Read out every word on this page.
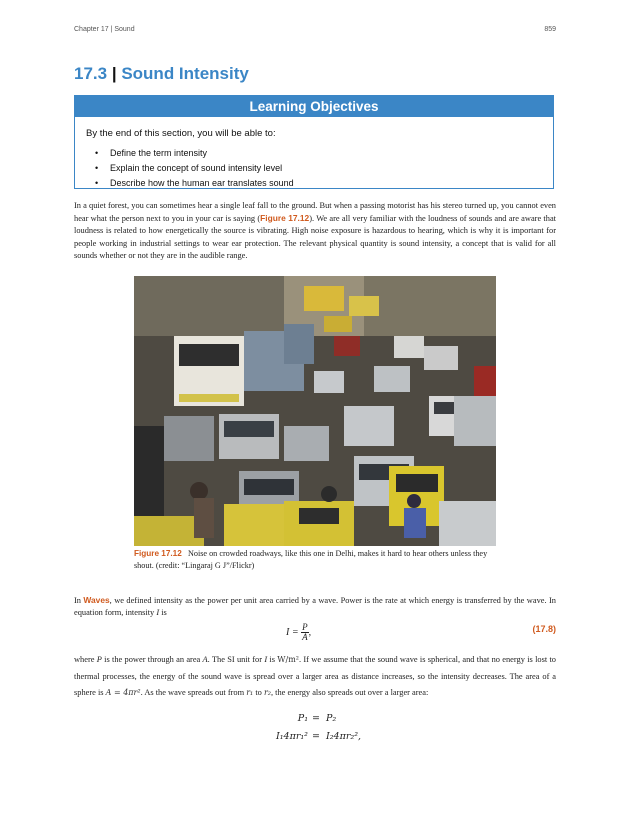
Chapter 17 | Sound	859
17.3 | Sound Intensity
Learning Objectives
By the end of this section, you will be able to:
• Define the term intensity
• Explain the concept of sound intensity level
• Describe how the human ear translates sound

In a quiet forest, you can sometimes hear a single leaf fall to the ground. But when a passing motorist has his stereo turned up, you cannot even hear what the person next to you in your car is saying (Figure 17.12). We are all very familiar with the loudness of sounds and are aware that loudness is related to how energetically the source is vibrating. High noise exposure is hazardous to hearing, which is why it is important for people working in industrial settings to wear ear protection. The relevant physical quantity is sound intensity, a concept that is valid for all sounds whether or not they are in the audible range.

Figure 17.12 Noise on crowded roadways, like this one in Delhi, makes it hard to hear others unless they shout. (credit: “Lingaraj G J”/Flickr)

In Waves, we defined intensity as the power per unit area carried by a wave. Power is the rate at which energy is transferred by the wave. In equation form, intensity I is

$I = \frac{P}{A}$ ,	(17.8)

where P is the power through an area A. The SI unit for I is W/m². If we assume that the sound wave is spherical, and that no energy is lost to thermal processes, the energy of the sound wave is spread over a larger area as distance increases, so the intensity decreases. The area of a sphere is A = 4πr². As the wave spreads out from r₁ to r₂, the energy also spreads out over a larger area:

P₁ = P₂
I₁4πr₁² = I₂4πr₂²,
